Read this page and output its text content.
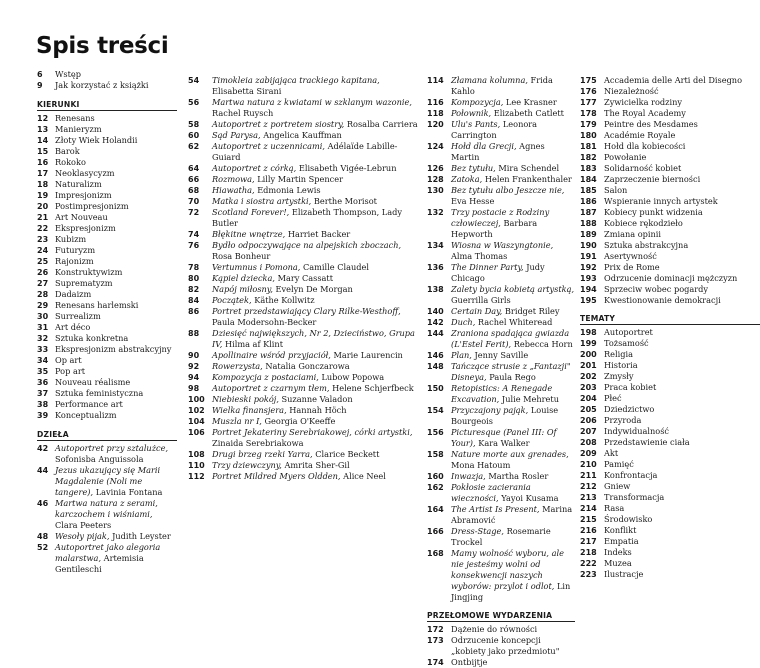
Spis treści
6	Wstęp
9	Jak korzystać z książki
KIERUNKI
12 Renesans
13 Manieryzm
14 Złoty Wiek Holandii
15 Barok
16 Rokoko
17 Neoklasycyzm
18 Naturalizm
19 Impresjonizm
20 Postimpresjonizm
21 Art Nouveau
22 Ekspresjonizm
23 Kubizm
24 Futuryzm
25 Rajonizm
26 Konstruktywizm
27 Suprematyzm
28 Dadaizm
29 Renesans harlemski
30 Surrealizm
31 Art déco
32 Sztuka konkretna
33 Ekspresjonizm abstrakcyjny
34 Op art
35 Pop art
36 Nouveau réalisme
37 Sztuka feministyczna
38 Performance art
39 Konceptualizm
DZIEŁA
42 Autoportret przy sztalużce, Sofonisba Anguissola
44 Jezus ukazujący się Marii Magdalenie (Noli me tangere), Lavinia Fontana
46 Martwa natura z serami, karczochem i wiśniami, Clara Peeters
48 Wesoły pijak, Judith Leyster
52 Autoportret jako alegoria malarstwa, Artemisia Gentileschi
54	Timokleia zabijająca trackiego kapitana, Elisabetta Sirani
56	Martwa natura z kwiatami w szklanym wazonie, Rachel Ruysch
58	Autoportret z portretem siostry, Rosalba Carriera
60	Sąd Parysa, Angelica Kauffman
62	Autoportret z uczennicami, Adélaïde Labille-Guiard
64	Autoportret z córką, Elisabeth Vigée-Lebrun
66	Rozmowa, Lilly Martin Spencer
68	Hiawatha, Edmonia Lewis
70	Matka i siostra artystki, Berthe Morisot
72	Scotland Forever!, Elizabeth Thompson, Lady Butler
74	Błękitne wnętrze, Harriet Backer
76	Bydło odpoczywające na alpejskich zboczach, Rosa Bonheur
78	Vertumnus i Pomona, Camille Claudel
80	Kąpiel dziecka, Mary Cassatt
82	Napój miłosny, Evelyn De Morgan
84	Początek, Käthe Kollwitz
86	Portret przedstawiający Clary Rilke-Westhoff, Paula Modersohn-Becker
88	Dziesięć największych, Nr 2, Dzieciństwo, Grupa IV, Hilma af Klint
90	Apollinaire wśród przyjaciół, Marie Laurencin
92	Rowerzysta, Natalia Gonczarowa
94	Kompozycja z postaciami, Lubow Popowa
98	Autoportret z czarnym tłem, Helene Schjerfbeck
100 Niebieski pokój, Suzanne Valadon
102 Wielka finansjera, Hannah Höch
104 Muszla nr I, Georgia O'Keeffe
106 Portret Jekateriny Serebriakowej, córki artystki, Zinaida Serebriakowa
108 Drugi brzeg rzeki Yarra, Clarice Beckett
110 Trzy dziewczyny, Amrita Sher-Gil
112 Portret Mildred Myers Oldden, Alice Neel
114 Złamana kolumna, Frida Kahlo
116 Kompozycja, Lee Krasner
118 Połownik, Elizabeth Catlett
120 Ulu's Pants, Leonora Carrington
124 Hołd dla Grecji, Agnes Martin
126 Bez tytułu, Mira Schendel
128 Zatoka, Helen Frankenthaler
130 Bez tytułu albo Jeszcze nie, Eva Hesse
132 Trzy postacie z Rodziny człowieczej, Barbara Hepworth
134 Wiosna w Waszyngtonie, Alma Thomas
136 The Dinner Party, Judy Chicago
138 Zalety bycia kobietą artystką, Guerrilla Girls
140 Certain Day, Bridget Riley
142 Duch, Rachel Whiteread
144 Zraniona spadająca gwiazda (L'Estel Ferit), Rebecca Horn
146 Plan, Jenny Saville
148 Tańczące strusie z „Fantazji" Disneya, Paula Rego
150 Retopistics: A Renegade Excavation, Julie Mehretu
154 Przyczajony pająk, Louise Bourgeois
156 Picturesque (Panel III: Of Your), Kara Walker
158 Nature morte aux grenades, Mona Hatoum
160 Inwazja, Martha Rosler
162 Pokłosie zacierania wieczności, Yayoi Kusama
164 The Artist Is Present, Marina Abramović
166 Dress-Stage, Rosemarie Trockel
168 Mamy wolność wyboru, ale nie jesteśmy wolni od konsekwencji naszych wyborów: przylot i odlot, Lin Jingjing
PRZEŁOMOWE WYDARZENIA
172 Dążenie do równości
173 Odrzucenie koncepcji „kobiety jako przedmiotu"
174 Ontbijtje
175 Accademia delle Arti del Disegno
176 Niezależność
177 Zywicielka rodziny
178 The Royal Academy
179 Peintre des Mesdames
180 Académie Royale
181 Hołd dla kobiecości
182 Powołanie
183 Solidarność kobiet
184 Zaprzeczenie bierności
185 Salon
186 Wspieranie innych artystek
187 Kobiecy punkt widzenia
188 Kobiece rękodzieło
189 Zmiana opinii
190 Sztuka abstrakcyjna
191 Asertywność
192 Prix de Rome
193 Odrzucenie dominacji mężczyzn
194 Sprzeciw wobec pogardy
195 Kwestionowanie demokracji
TEMATY
198 Autoportret
199 Tożsamość
200 Religia
201 Historia
202 Zmysły
203 Praca kobiet
204 Płeć
205 Dziedzictwo
206 Przyroda
207 Indywidualność
208 Przedstawienie ciała
209 Akt
210 Pamięć
211 Konfrontacja
212 Gniew
213 Transformacja
214 Rasa
215 Środowisko
216 Konflikt
217 Empatia
218 Indeks
222 Muzea
223 Ilustracje
